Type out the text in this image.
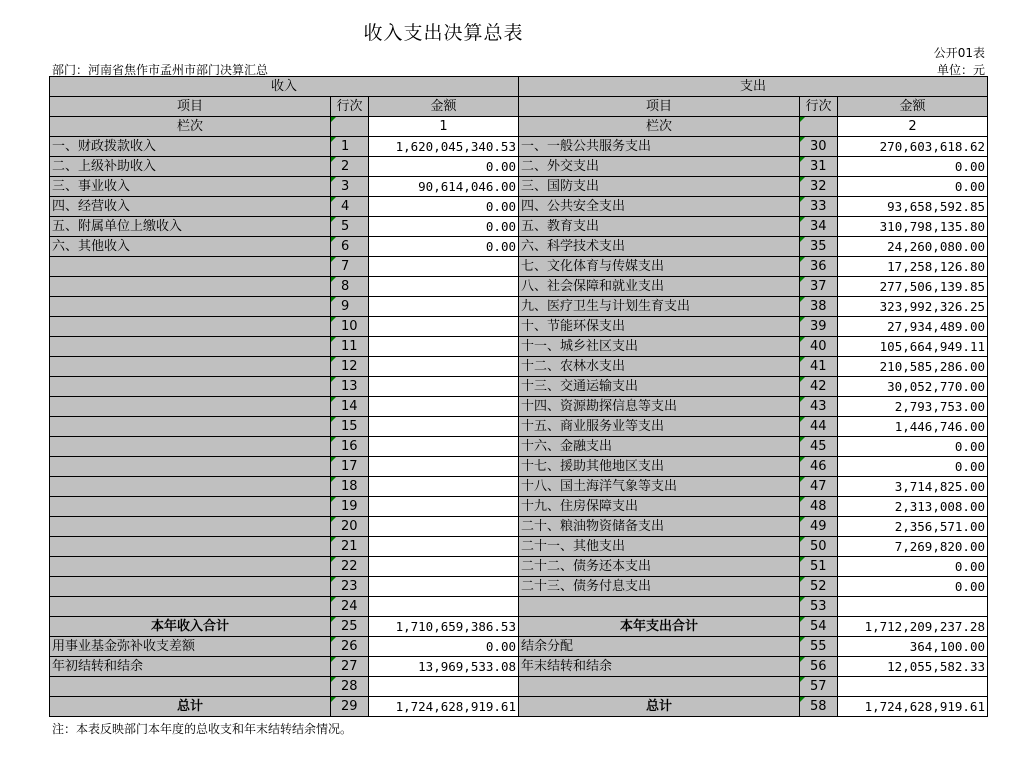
收入支出决算总表
公开01表
单位：元
部门：河南省焦作市孟州市部门决算汇总
收入			支出		
项目	行次	金额	项目	行次	金额
栏次		1	栏次		2
一、财政拨款收入	1	1,620,045,340.53	一、一般公共服务支出	30	270,603,618.62
二、上级补助收入	2	0.00	二、外交支出	31	0.00
三、事业收入	3	90,614,046.00	三、国防支出	32	0.00
四、经营收入	4	0.00	四、公共安全支出	33	93,658,592.85
五、附属单位上缴收入	5	0.00	五、教育支出	34	310,798,135.80
六、其他收入	6	0.00	六、科学技术支出	35	24,260,080.00
	7		七、文化体育与传媒支出	36	17,258,126.80
	8		八、社会保障和就业支出	37	277,506,139.85
	9		九、医疗卫生与计划生育支出	38	323,992,326.25
	10		十、节能环保支出	39	27,934,489.00
	11		十一、城乡社区支出	40	105,664,949.11
	12		十二、农林水支出	41	210,585,286.00
	13		十三、交通运输支出	42	30,052,770.00
	14		十四、资源勘探信息等支出	43	2,793,753.00
	15		十五、商业服务业等支出	44	1,446,746.00
	16		十六、金融支出	45	0.00
	17		十七、援助其他地区支出	46	0.00
	18		十八、国土海洋气象等支出	47	3,714,825.00
	19		十九、住房保障支出	48	2,313,008.00
	20		二十、粮油物资储备支出	49	2,356,571.00
	21		二十一、其他支出	50	7,269,820.00
	22		二十二、债务还本支出	51	0.00
	23		二十三、债务付息支出	52	0.00
	24			53	
本年收入合计	25	1,710,659,386.53	本年支出合计	54	1,712,209,237.28
用事业基金弥补收支差额	26	0.00	结余分配	55	364,100.00
年初结转和结余	27	13,969,533.08	年末结转和结余	56	12,055,582.33
	28			57	
总计	29	1,724,628,919.61	总计	58	1,724,628,919.61
注：本表反映部门本年度的总收支和年末结转结余情况。
